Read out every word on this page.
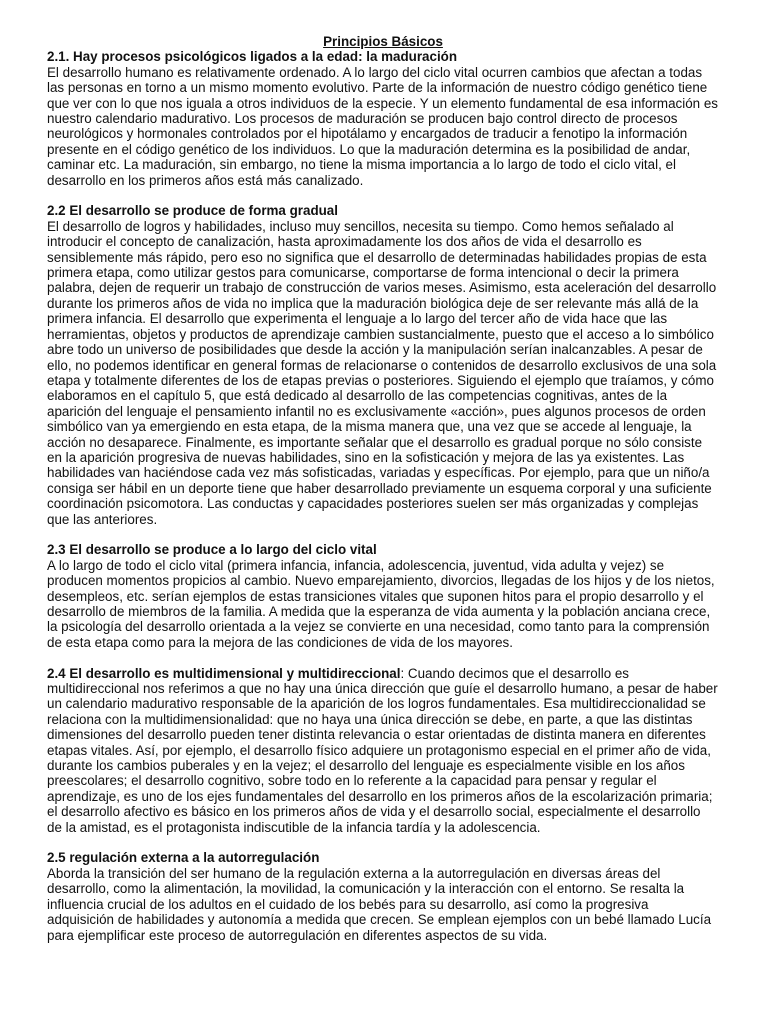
Principios Básicos

2.1. Hay procesos psicológicos ligados a la edad: la maduración

El desarrollo humano es relativamente ordenado. A lo largo del ciclo vital ocurren cambios que afectan a todas las personas en torno a un mismo momento evolutivo. Parte de la información de nuestro código genético tiene que ver con lo que nos iguala a otros individuos de la especie. Y un elemento fundamental de esa información es nuestro calendario madurativo. Los procesos de maduración se producen bajo control directo de procesos neurológicos y hormonales controlados por el hipotálamo y encargados de traducir a fenotipo la información presente en el código genético de los individuos. Lo que la maduración determina es la posibilidad de andar, caminar etc. La maduración, sin embargo, no tiene la misma importancia a lo largo de todo el ciclo vital, el desarrollo en los primeros años está más canalizado.

2.2 El desarrollo se produce de forma gradual

El desarrollo de logros y habilidades, incluso muy sencillos, necesita su tiempo. Como hemos señalado al introducir el concepto de canalización, hasta aproximadamente los dos años de vida el desarrollo es sensiblemente más rápido, pero eso no significa que el desarrollo de determinadas habilidades propias de esta primera etapa, como utilizar gestos para comunicarse, comportarse de forma intencional o decir la primera palabra, dejen de requerir un trabajo de construcción de varios meses. Asimismo, esta aceleración del desarrollo durante los primeros años de vida no implica que la maduración biológica deje de ser relevante más allá de la primera infancia. El desarrollo que experimenta el lenguaje a lo largo del tercer año de vida hace que las herramientas, objetos y productos de aprendizaje cambien sustancialmente, puesto que el acceso a lo simbólico abre todo un universo de posibilidades que desde la acción y la manipulación serían inalcanzables. A pesar de ello, no podemos identificar en general formas de relacionarse o contenidos de desarrollo exclusivos de una sola etapa y totalmente diferentes de los de etapas previas o posteriores. Siguiendo el ejemplo que traíamos, y cómo elaboramos en el capítulo 5, que está dedicado al desarrollo de las competencias cognitivas, antes de la aparición del lenguaje el pensamiento infantil no es exclusivamente «acción», pues algunos procesos de orden simbólico van ya emergiendo en esta etapa, de la misma manera que, una vez que se accede al lenguaje, la acción no desaparece. Finalmente, es importante señalar que el desarrollo es gradual porque no sólo consiste en la aparición progresiva de nuevas habilidades, sino en la sofisticación y mejora de las ya existentes. Las habilidades van haciéndose cada vez más sofisticadas, variadas y específicas. Por ejemplo, para que un niño/a consiga ser hábil en un deporte tiene que haber desarrollado previamente un esquema corporal y una suficiente coordinación psicomotora. Las conductas y capacidades posteriores suelen ser más organizadas y complejas que las anteriores.

2.3 El desarrollo se produce a lo largo del ciclo vital

A lo largo de todo el ciclo vital (primera infancia, infancia, adolescencia, juventud, vida adulta y vejez) se producen momentos propicios al cambio. Nuevo emparejamiento, divorcios, llegadas de los hijos y de los nietos, desempleos, etc. serían ejemplos de estas transiciones vitales que suponen hitos para el propio desarrollo y el desarrollo de miembros de la familia. A medida que la esperanza de vida aumenta y la población anciana crece, la psicología del desarrollo orientada a la vejez se convierte en una necesidad, como tanto para la comprensión de esta etapa como para la mejora de las condiciones de vida de los mayores.

2.4 El desarrollo es multidimensional y multidireccional: Cuando decimos que el desarrollo es multidireccional nos referimos a que no hay una única dirección que guíe el desarrollo humano, a pesar de haber un calendario madurativo responsable de la aparición de los logros fundamentales. Esa multidireccionalidad se relaciona con la multidimensionalidad: que no haya una única dirección se debe, en parte, a que las distintas dimensiones del desarrollo pueden tener distinta relevancia o estar orientadas de distinta manera en diferentes etapas vitales. Así, por ejemplo, el desarrollo físico adquiere un protagonismo especial en el primer año de vida, durante los cambios puberales y en la vejez; el desarrollo del lenguaje es especialmente visible en los años preescolares; el desarrollo cognitivo, sobre todo en lo referente a la capacidad para pensar y regular el aprendizaje, es uno de los ejes fundamentales del desarrollo en los primeros años de la escolarización primaria; el desarrollo afectivo es básico en los primeros años de vida y el desarrollo social, especialmente el desarrollo de la amistad, es el protagonista indiscutible de la infancia tardía y la adolescencia.

2.5 regulación externa a la autorregulación

Aborda la transición del ser humano de la regulación externa a la autorregulación en diversas áreas del desarrollo, como la alimentación, la movilidad, la comunicación y la interacción con el entorno. Se resalta la influencia crucial de los adultos en el cuidado de los bebés para su desarrollo, así como la progresiva adquisición de habilidades y autonomía a medida que crecen. Se emplean ejemplos con un bebé llamado Lucía para ejemplificar este proceso de autorregulación en diferentes aspectos de su vida.
